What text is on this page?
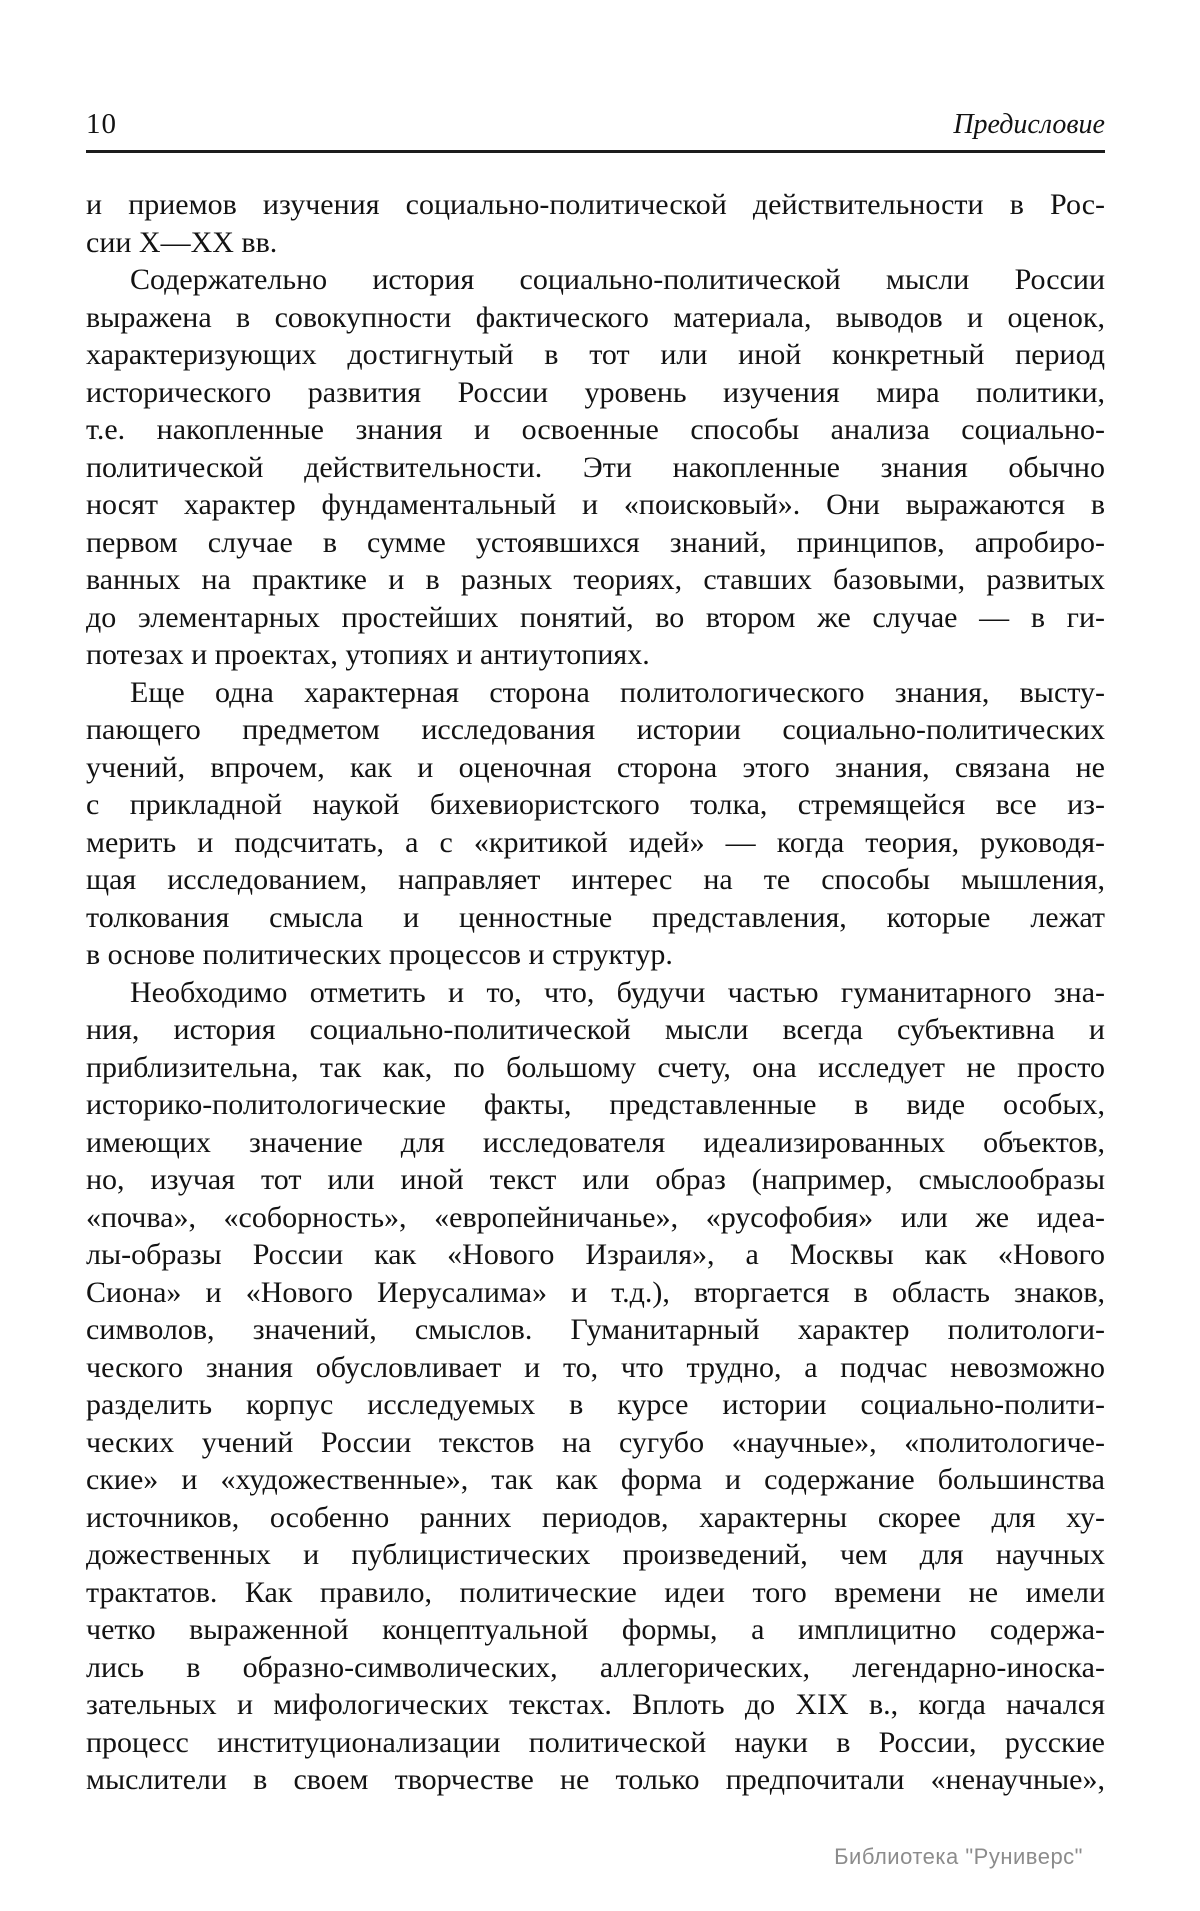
10	Предисловие
и приемов изучения социально-политической действительности в Рос-
сии X—XX вв.
Содержательно история социально-политической мысли России
выражена в совокупности фактического материала, выводов и оценок,
характеризующих достигнутый в тот или иной конкретный период
исторического развития России уровень изучения мира политики,
т.е. накопленные знания и освоенные способы анализа социально-
политической действительности. Эти накопленные знания обычно
носят характер фундаментальный и «поисковый». Они выражаются в
первом случае в сумме устоявшихся знаний, принципов, апробиро-
ванных на практике и в разных теориях, ставших базовыми, развитых
до элементарных простейших понятий, во втором же случае — в ги-
потезах и проектах, утопиях и антиутопиях.
Еще одна характерная сторона политологического знания, высту-
пающего предметом исследования истории социально-политических
учений, впрочем, как и оценочная сторона этого знания, связана не
с прикладной наукой бихевиористского толка, стремящейся все из-
мерить и подсчитать, а с «критикой идей» — когда теория, руководя-
щая исследованием, направляет интерес на те способы мышления,
толкования смысла и ценностные представления, которые лежат
в основе политических процессов и структур.
Необходимо отметить и то, что, будучи частью гуманитарного зна-
ния, история социально-политической мысли всегда субъективна и
приблизительна, так как, по большому счету, она исследует не просто
историко-политологические факты, представленные в виде особых,
имеющих значение для исследователя идеализированных объектов,
но, изучая тот или иной текст или образ (например, смыслообразы
«почва», «соборность», «европейничанье», «русофобия» или же идеа-
лы-образы России как «Нового Израиля», а Москвы как «Нового
Сиона» и «Нового Иерусалима» и т.д.), вторгается в область знаков,
символов, значений, смыслов. Гуманитарный характер политологи-
ческого знания обусловливает и то, что трудно, а подчас невозможно
разделить корпус исследуемых в курсе истории социально-полити-
ческих учений России текстов на сугубо «научные», «политологиче-
ские» и «художественные», так как форма и содержание большинства
источников, особенно ранних периодов, характерны скорее для ху-
дожественных и публицистических произведений, чем для научных
трактатов. Как правило, политические идеи того времени не имели
четко выраженной концептуальной формы, а имплицитно содержа-
лись в образно-символических, аллегорических, легендарно-иноска-
зательных и мифологических текстах. Вплоть до XIX в., когда начался
процесс институционализации политической науки в России, русские
мыслители в своем творчестве не только предпочитали «ненаучные»,
Библиотека "Руниверс"
